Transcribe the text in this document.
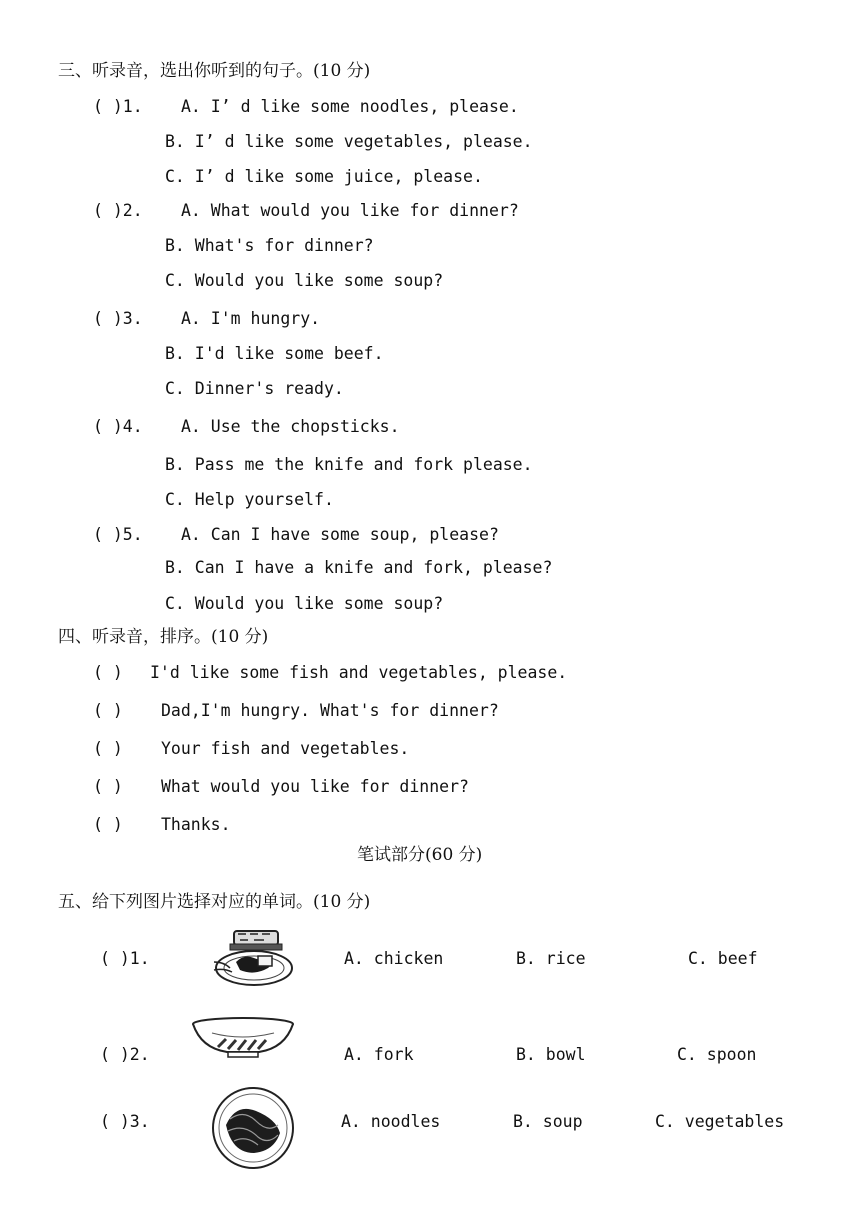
三、听录音，选出你听到的句子。(10 分)
( )1. A. I’ d like some noodles, please.
B. I’ d like some vegetables, please.
C. I’ d like some juice, please.
( )2. A. What would you like for dinner?
B. What's for dinner?
C. Would you like some soup?
( )3. A. I'm hungry.
B. I'd like some beef.
C. Dinner's ready.
( )4. A. Use the chopsticks.
B. Pass me the knife and fork please.
C. Help yourself.
( )5. A. Can I have some soup, please?
B. Can I have a knife and fork, please?
C. Would you like some soup?
四、听录音，排序。(10 分)
( ) I'd like some fish and vegetables, please.
( ) Dad,I'm hungry. What's for dinner?
( ) Your fish and vegetables.
( ) What would you like for dinner?
( ) Thanks.
笔试部分(60 分)
五、给下列图片选择对应的单词。(10 分)
( )1.	A. chicken	B. rice	C. beef
( )2.	A. fork	B. bowl	C. spoon
( )3.	A. noodles	B. soup	C. vegetables
